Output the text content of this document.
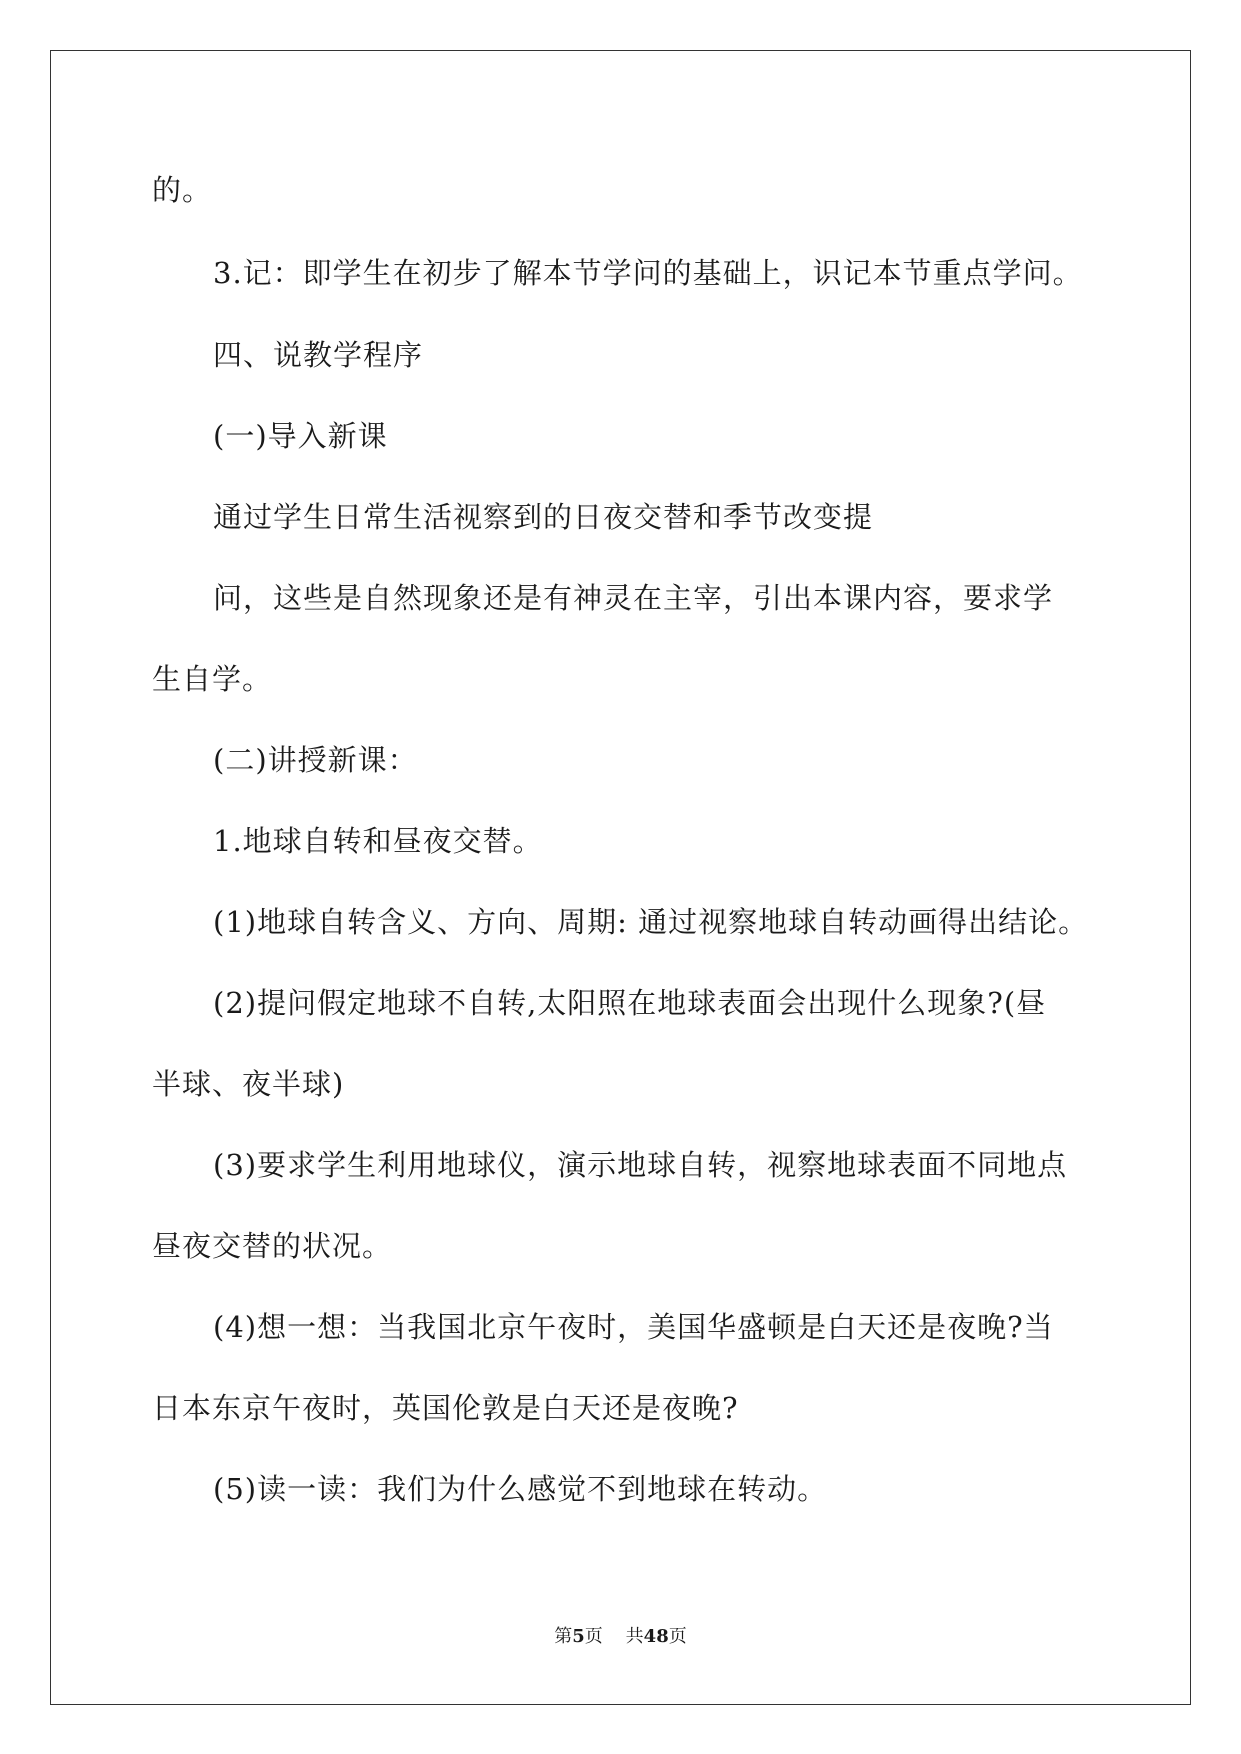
的。
3.记：即学生在初步了解本节学问的基础上，识记本节重点学问。
四、说教学程序
(一)导入新课
通过学生日常生活视察到的日夜交替和季节改变提
问，这些是自然现象还是有神灵在主宰，引出本课内容，要求学
生自学。
(二)讲授新课：
1.地球自转和昼夜交替。
(1)地球自转含义、方向、周期: 通过视察地球自转动画得出结论。
(2)提问假定地球不自转,太阳照在地球表面会出现什么现象?(昼
半球、夜半球)
(3)要求学生利用地球仪，演示地球自转，视察地球表面不同地点
昼夜交替的状况。
(4)想一想：当我国北京午夜时，美国华盛顿是白天还是夜晚?当
日本东京午夜时，英国伦敦是白天还是夜晚?
(5)读一读：我们为什么感觉不到地球在转动。
第5页 共48页
